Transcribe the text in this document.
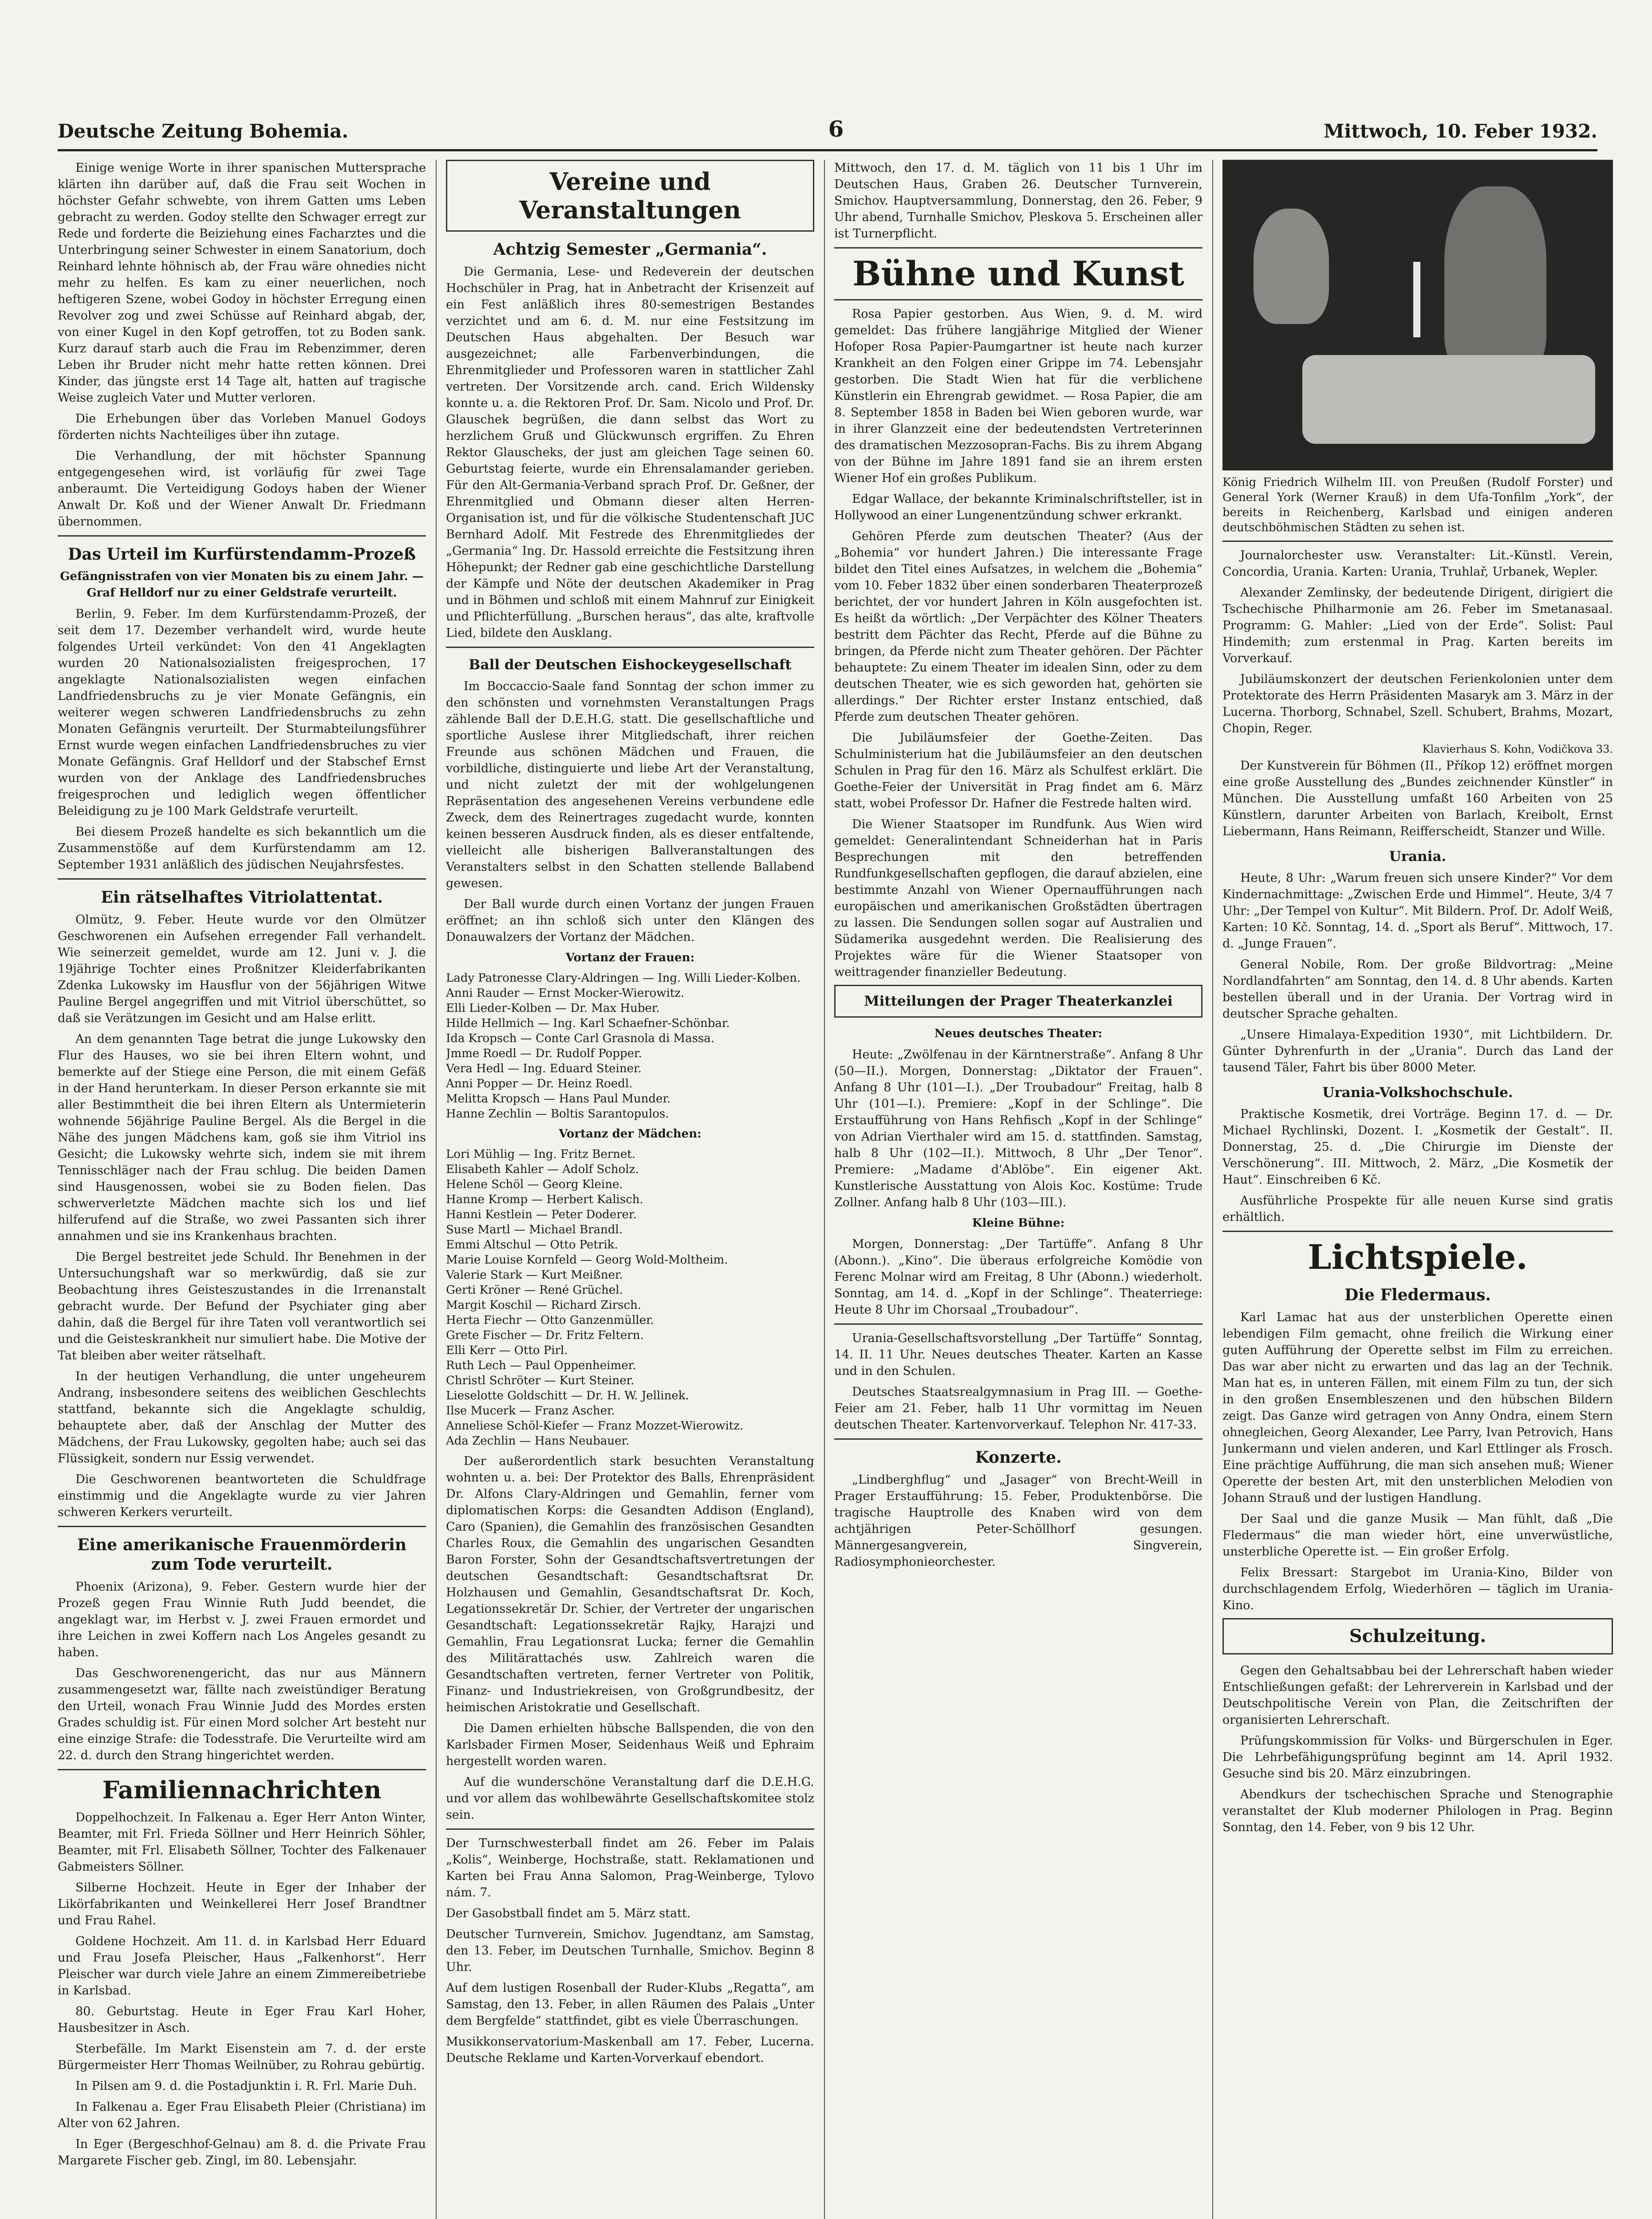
Deutsche Zeitung Bohemia.	6	Mittwoch, 10. Feber 1932.

Einige wenige Worte in ihrer spanischen Muttersprache klärten ihn darüber auf, daß die Frau seit Wochen in höchster Gefahr schwebte, von ihrem Gatten ums Leben gebracht zu werden. Godoy stellte den Schwager erregt zur Rede und forderte die Beiziehung eines Facharztes und die Unterbringung seiner Schwester in einem Sanatorium, doch Reinhard lehnte höhnisch ab, der Frau wäre ohnedies nicht mehr zu helfen. Es kam zu einer neuerlichen, noch heftigeren Szene, wobei Godoy in höchster Erregung einen Revolver zog und zwei Schüsse auf Reinhard abgab, der, von einer Kugel in den Kopf getroffen, tot zu Boden sank. Kurz darauf starb auch die Frau im Rebenzimmer, deren Leben ihr Bruder nicht mehr hatte retten können. Drei Kinder, das jüngste erst 14 Tage alt, hatten auf tragische Weise zugleich Vater und Mutter verloren.

Die Erhebungen über das Vorleben Manuel Godoys förderten nichts Nachteiliges über ihn zutage.

Die Verhandlung, der mit höchster Spannung entgegengesehen wird, ist vorläufig für zwei Tage anberaumt. Die Verteidigung Godoys haben der Wiener Anwalt Dr. Koß und der Wiener Anwalt Dr. Friedmann übernommen.

Das Urteil im Kurfürstendamm-Prozeß
Gefängnisstrafen von vier Monaten bis zu einem Jahr. — Graf Helldorf nur zu einer Geldstrafe verurteilt.

Berlin, 9. Feber. Im dem Kurfürstendamm-Prozeß, der seit dem 17. Dezember verhandelt wird, wurde heute folgendes Urteil verkündet: Von den 41 Angeklagten wurden 20 Nationalsozialisten freigesprochen, 17 angeklagte Nationalsozialisten wegen einfachen Landfriedensbruchs zu je vier Monate Gefängnis, ein weiterer wegen schweren Landfriedensbruchs zu zehn Monaten Gefängnis verurteilt. Der Sturmabteilungsführer Ernst wurde wegen einfachen Landfriedensbruches zu vier Monate Gefängnis. Graf Helldorf und der Stabschef Ernst wurden von der Anklage des Landfriedensbruches freigesprochen und lediglich wegen öffentlicher Beleidigung zu je 100 Mark Geldstrafe verurteilt.

Bei diesem Prozeß handelte es sich bekanntlich um die Zusammenstöße auf dem Kurfürstendamm am 12. September 1931 anläßlich des jüdischen Neujahrsfestes.

Ein rätselhaftes Vitriolattentat.

Olmütz, 9. Feber. Heute wurde vor den Olmützer Geschworenen ein Aufsehen erregender Fall verhandelt. Wie seinerzeit gemeldet, wurde am 12. Juni v. J. die 19jährige Tochter eines Proßnitzer Kleiderfabrikanten Zdenka Lukowsky im Hausflur von der 56jährigen Witwe Pauline Bergel angegriffen und mit Vitriol überschüttet, so daß sie Verätzungen im Gesicht und am Halse erlitt.

An dem genannten Tage betrat die junge Lukowsky den Flur des Hauses, wo sie bei ihren Eltern wohnt, und bemerkte auf der Stiege eine Person, die mit einem Gefäß in der Hand herunterkam. In dieser Person erkannte sie mit aller Bestimmtheit die bei ihren Eltern als Untermieterin wohnende 56jährige Pauline Bergel. Als die Bergel in die Nähe des jungen Mädchens kam, goß sie ihm Vitriol ins Gesicht; die Lukowsky wehrte sich, indem sie mit ihrem Tennisschläger nach der Frau schlug. Die beiden Damen sind Hausgenossen, wobei sie zu Boden fielen. Das schwerverletzte Mädchen machte sich los und lief hilferufend auf die Straße, wo zwei Passanten sich ihrer annahmen und sie ins Krankenhaus brachten.

Die Bergel bestreitet jede Schuld. Ihr Benehmen in der Untersuchungshaft war so merkwürdig, daß sie zur Beobachtung ihres Geisteszustandes in die Irrenanstalt gebracht wurde. Der Befund der Psychiater ging aber dahin, daß die Bergel für ihre Taten voll verantwortlich sei und die Geisteskrankheit nur simuliert habe. Die Motive der Tat bleiben aber weiter rätselhaft.

In der heutigen Verhandlung, die unter ungeheurem Andrang, insbesondere seitens des weiblichen Geschlechts stattfand, bekannte sich die Angeklagte schuldig, behauptete aber, daß der Anschlag der Mutter des Mädchens, der Frau Lukowsky, gegolten habe; auch sei das Flüssigkeit, sondern nur Essig verwendet.

Die Geschworenen beantworteten die Schuldfrage einstimmig und die Angeklagte wurde zu vier Jahren schweren Kerkers verurteilt.

Eine amerikanische Frauenmörderin zum Tode verurteilt.

Phoenix (Arizona), 9. Feber. Gestern wurde hier der Prozeß gegen Frau Winnie Ruth Judd beendet, die angeklagt war, im Herbst v. J. zwei Frauen ermordet und ihre Leichen in zwei Koffern nach Los Angeles gesandt zu haben.

Das Geschworenengericht, das nur aus Männern zusammengesetzt war, fällte nach zweistündiger Beratung den Urteil, wonach Frau Winnie Judd des Mordes ersten Grades schuldig ist. Für einen Mord solcher Art besteht nur eine einzige Strafe: die Todesstrafe. Die Verurteilte wird am 22. d. durch den Strang hingerichtet werden.

Familiennachrichten

Doppelhochzeit. In Falkenau a. Eger Herr Anton Winter, Beamter, mit Frl. Frieda Söllner und Herr Heinrich Söhler, Beamter, mit Frl. Elisabeth Söllner, Tochter des Falkenauer Gabmeisters Söllner.

Silberne Hochzeit. Heute in Eger der Inhaber der Likörfabrikanten und Weinkellerei Herr Josef Brandtner und Frau Rahel.

Goldene Hochzeit. Am 11. d. in Karlsbad Herr Eduard und Frau Josefa Pleischer, Haus „Falkenhorst“. Herr Pleischer war durch viele Jahre an einem Zimmereibetriebe in Karlsbad.

80. Geburtstag. Heute in Eger Frau Karl Hoher, Hausbesitzer in Asch.

Sterbefälle. Im Markt Eisenstein am 7. d. der erste Bürgermeister Herr Thomas Weilnüber, zu Rohrau gebürtig.

In Pilsen am 9. d. die Postadjunktin i. R. Frl. Marie Duh.

In Falkenau a. Eger Frau Elisabeth Pleier (Christiana) im Alter von 62 Jahren.

In Eger (Bergeschhof-Gelnau) am 8. d. die Private Frau Margarete Fischer geb. Zingl, im 80. Lebensjahr.

Vereine und Veranstaltungen
Achtzig Semester „Germania“.

Die Germania, Lese- und Redeverein der deutschen Hochschüler in Prag, hat in Anbetracht der Krisenzeit auf ein Fest anläßlich ihres 80-semestrigen Bestandes verzichtet und am 6. d. M. nur eine Festsitzung im Deutschen Haus abgehalten. Der Besuch war ausgezeichnet; alle Farbenverbindungen, die Ehrenmitglieder und Professoren waren in stattlicher Zahl vertreten. Der Vorsitzende arch. cand. Erich Wildensky konnte u. a. die Rektoren Prof. Dr. Sam. Nicolo und Prof. Dr. Glauschek begrüßen, die dann selbst das Wort zu herzlichem Gruß und Glückwunsch ergriffen. Zu Ehren Rektor Glauscheks, der just am gleichen Tage seinen 60. Geburtstag feierte, wurde ein Ehrensalamander gerieben. Für den Alt-Germania-Verband sprach Prof. Dr. Geßner, der Ehrenmitglied und Obmann dieser alten Herren-Organisation ist, und für die völkische Studentenschaft JUC Bernhard Adolf. Mit Festrede des Ehrenmitgliedes der „Germania“ Ing. Dr. Hassold erreichte die Festsitzung ihren Höhepunkt; der Redner gab eine geschichtliche Darstellung der Kämpfe und Nöte der deutschen Akademiker in Prag und in Böhmen und schloß mit einem Mahnruf zur Einigkeit und Pflichterfüllung. „Burschen heraus“, das alte, kraftvolle Lied, bildete den Ausklang.

Ball der Deutschen Eishockeygesellschaft

Im Boccaccio-Saale fand Sonntag der schon immer zu den schönsten und vornehmsten Veranstaltungen Prags zählende Ball der D.E.H.G. statt. Die gesellschaftliche und sportliche Auslese ihrer Mitgliedschaft, ihrer reichen Freunde aus schönen Mädchen und Frauen, die vorbildliche, distinguierte und liebe Art der Veranstaltung, und nicht zuletzt der mit der wohlgelungenen Repräsentation des angesehenen Vereins verbundene edle Zweck, dem des Reinertrages zugedacht wurde, konnten keinen besseren Ausdruck finden, als es dieser entfaltende, vielleicht alle bisherigen Ballveranstaltungen des Veranstalters selbst in den Schatten stellende Ballabend gewesen.

Der Ball wurde durch einen Vortanz der jungen Frauen eröffnet; an ihn schloß sich unter den Klängen des Donauwalzers der Vortanz der Mädchen.

Vortanz der Frauen:
Lady Patronesse Clary-Aldringen — Ing. Willi Lieder-Kolben.
Anni Rauder — Ernst Mocker-Wierowitz.
Elli Lieder-Kolben — Dr. Max Huber.
Hilde Hellmich — Ing. Karl Schaefner-Schönbar.
Ida Kropsch — Conte Carl Grasnola di Massa.
Jmme Roedl — Dr. Rudolf Popper.
Vera Hedl — Ing. Eduard Steiner.
Anni Popper — Dr. Heinz Roedl.
Melitta Kropsch — Hans Paul Munder.
Hanne Zechlin — Boltis Sarantopulos.
Vortanz der Mädchen:
Lori Mühlig — Ing. Fritz Bernet.
Elisabeth Kahler — Adolf Scholz.
Helene Schöl — Georg Kleine.
Hanne Kromp — Herbert Kalisch.
Hanni Kestlein — Peter Doderer.
Suse Martl — Michael Brandl.
Emmi Altschul — Otto Petrik.
Marie Louise Kornfeld — Georg Wold-Moltheim.
Valerie Stark — Kurt Meißner.
Gerti Kröner — René Grüchel.
Margit Koschil — Richard Zirsch.
Herta Fiechr — Otto Ganzenmüller.
Grete Fischer — Dr. Fritz Feltern.
Elli Kerr — Otto Pirl.
Ruth Lech — Paul Oppenheimer.
Christl Schröter — Kurt Steiner.
Lieselotte Goldschitt — Dr. H. W. Jellinek.
Ilse Mucerk — Franz Ascher.
Anneliese Schöl-Kiefer — Franz Mozzet-Wierowitz.
Ada Zechlin — Hans Neubauer.

Der außerordentlich stark besuchten Veranstaltung wohnten u. a. bei: Der Protektor des Balls, Ehrenpräsident Dr. Alfons Clary-Aldringen und Gemahlin, ferner vom diplomatischen Korps: die Gesandten Addison (England), Caro (Spanien), die Gemahlin des französischen Gesandten Charles Roux, die Gemahlin des ungarischen Gesandten Baron Forster, Sohn der Gesandtschaftsvertretungen der deutschen Gesandtschaft: Gesandtschaftsrat Dr. Holzhausen und Gemahlin, Gesandtschaftsrat Dr. Koch, Legationssekretär Dr. Schier, der Vertreter der ungarischen Gesandtschaft: Legationssekretär Rajky, Harajzi und Gemahlin, Frau Legationsrat Lucka; ferner die Gemahlin des Militärattachés usw. Zahlreich waren die Gesandtschaften vertreten, ferner Vertreter von Politik, Finanz- und Industriekreisen, von Großgrundbesitz, der heimischen Aristokratie und Gesellschaft.

Die Damen erhielten hübsche Ballspenden, die von den Karlsbader Firmen Moser, Seidenhaus Weiß und Ephraim hergestellt worden waren.

Auf die wunderschöne Veranstaltung darf die D.E.H.G. und vor allem das wohlbewährte Gesellschaftskomitee stolz sein.

Der Turnschwesterball findet am 26. Feber im Palais „Kolis“, Weinberge, Hochstraße, statt. Reklamationen und Karten bei Frau Anna Salomon, Prag-Weinberge, Tylovo nám. 7.

Der Gasobstball findet am 5. März statt.

Deutscher Turnverein, Smichov. Jugendtanz, am Samstag, den 13. Feber, im Deutschen Turnhalle, Smichov. Beginn 8 Uhr.

Auf dem lustigen Rosenball der Ruder-Klubs „Regatta“, am Samstag, den 13. Feber, in allen Räumen des Palais „Unter dem Bergfelde“ stattfindet, gibt es viele Überraschungen.

Musikkonservatorium-Maskenball am 17. Feber, Lucerna. Deutsche Reklame und Karten-Vorverkauf ebendort.

Mittwoch, den 17. d. M. täglich von 11 bis 1 Uhr im Deutschen Haus, Graben 26. Deutscher Turnverein, Smichov. Hauptversammlung, Donnerstag, den 26. Feber, 9 Uhr abend, Turnhalle Smichov, Pleskova 5. Erscheinen aller ist Turnerpflicht.

Bühne und Kunst

Rosa Papier gestorben. Aus Wien, 9. d. M. wird gemeldet: Das frühere langjährige Mitglied der Wiener Hofoper Rosa Papier-Paumgartner ist heute nach kurzer Krankheit an den Folgen einer Grippe im 74. Lebensjahr gestorben. Die Stadt Wien hat für die verblichene Künstlerin ein Ehrengrab gewidmet. — Rosa Papier, die am 8. September 1858 in Baden bei Wien geboren wurde, war in ihrer Glanzzeit eine der bedeutendsten Vertreterinnen des dramatischen Mezzosopran-Fachs. Bis zu ihrem Abgang von der Bühne im Jahre 1891 fand sie an ihrem ersten Wiener Hof ein großes Publikum.

Edgar Wallace, der bekannte Kriminalschriftsteller, ist in Hollywood an einer Lungenentzündung schwer erkrankt.

Gehören Pferde zum deutschen Theater? (Aus der „Bohemia“ vor hundert Jahren.) Die interessante Frage bildet den Titel eines Aufsatzes, in welchem die „Bohemia“ vom 10. Feber 1832 über einen sonderbaren Theaterprozeß berichtet, der vor hundert Jahren in Köln ausgefochten ist. Es heißt da wörtlich: „Der Verpächter des Kölner Theaters bestritt dem Pächter das Recht, Pferde auf die Bühne zu bringen, da Pferde nicht zum Theater gehören. Der Pächter behauptete: Zu einem Theater im idealen Sinn, oder zu dem deutschen Theater, wie es sich geworden hat, gehörten sie allerdings.“ Der Richter erster Instanz entschied, daß Pferde zum deutschen Theater gehören.

Die Jubiläumsfeier der Goethe-Zeiten. Das Schulministerium hat die Jubiläumsfeier an den deutschen Schulen in Prag für den 16. März als Schulfest erklärt. Die Goethe-Feier der Universität in Prag findet am 6. März statt, wobei Professor Dr. Hafner die Festrede halten wird.

Die Wiener Staatsoper im Rundfunk. Aus Wien wird gemeldet: Generalintendant Schneiderhan hat in Paris Besprechungen mit den betreffenden Rundfunkgesellschaften gepflogen, die darauf abzielen, eine bestimmte Anzahl von Wiener Opernaufführungen nach europäischen und amerikanischen Großstädten übertragen zu lassen. Die Sendungen sollen sogar auf Australien und Südamerika ausgedehnt werden. Die Realisierung des Projektes wäre für die Wiener Staatsoper von weittragender finanzieller Bedeutung.

Mitteilungen der Prager Theaterkanzlei
Neues deutsches Theater:

Heute: „Zwölfenau in der Kärntnerstraße“. Anfang 8 Uhr (50—II.). Morgen, Donnerstag: „Diktator der Frauen“. Anfang 8 Uhr (101—I.). „Der Troubadour“ Freitag, halb 8 Uhr (101—I.). Premiere: „Kopf in der Schlinge“. Die Erstaufführung von Hans Rehfisch „Kopf in der Schlinge“ von Adrian Vierthaler wird am 15. d. stattfinden. Samstag, halb 8 Uhr (102—II.). Mittwoch, 8 Uhr „Der Tenor“. Premiere: „Madame d'Ablöbe“. Ein eigener Akt. Kunstlerische Ausstattung von Alois Koc. Kostüme: Trude Zollner. Anfang halb 8 Uhr (103—III.).

Kleine Bühne:

Morgen, Donnerstag: „Der Tartüffe“. Anfang 8 Uhr (Abonn.). „Kino“. Die überaus erfolgreiche Komödie von Ferenc Molnar wird am Freitag, 8 Uhr (Abonn.) wiederholt. Sonntag, am 14. d. „Kopf in der Schlinge“. Theaterriege: Heute 8 Uhr im Chorsaal „Troubadour“.

Urania-Gesellschaftsvorstellung „Der Tartüffe“ Sonntag, 14. II. 11 Uhr. Neues deutsches Theater. Karten an Kasse und in den Schulen.

Deutsches Staatsrealgymnasium in Prag III. — Goethe-Feier am 21. Feber, halb 11 Uhr vormittag im Neuen deutschen Theater. Kartenvorverkauf. Telephon Nr. 417-33.

Konzerte.

„Lindberghflug“ und „Jasager“ von Brecht-Weill in Prager Erstaufführung: 15. Feber, Produktenbörse. Die tragische Hauptrolle des Knaben wird von dem achtjährigen Peter-Schöllhorf gesungen. Männergesangverein, Singverein, Radiosymphonieorchester.

König Friedrich Wilhelm III. von Preußen (Rudolf Forster) und General York (Werner Krauß) in dem Ufa-Tonfilm „York“, der bereits in Reichenberg, Karlsbad und einigen anderen deutschböhmischen Städten zu sehen ist.

Journalorchester usw. Veranstalter: Lit.-Künstl. Verein, Concordia, Urania. Karten: Urania, Truhlař, Urbanek, Wepler.

Alexander Zemlinsky, der bedeutende Dirigent, dirigiert die Tschechische Philharmonie am 26. Feber im Smetanasaal. Programm: G. Mahler: „Lied von der Erde“. Solist: Paul Hindemith; zum erstenmal in Prag. Karten bereits im Vorverkauf.

Jubiläumskonzert der deutschen Ferienkolonien unter dem Protektorate des Herrn Präsidenten Masaryk am 3. März in der Lucerna. Thorborg, Schnabel, Szell. Schubert, Brahms, Mozart, Chopin, Reger.

Klavierhaus S. Kohn, Vodičkova 33.

Der Kunstverein für Böhmen (II., Příkop 12) eröffnet morgen eine große Ausstellung des „Bundes zeichnender Künstler“ in München. Die Ausstellung umfaßt 160 Arbeiten von 25 Künstlern, darunter Arbeiten von Barlach, Kreibolt, Ernst Liebermann, Hans Reimann, Reifferscheidt, Stanzer und Wille.

Urania.

Heute, 8 Uhr: „Warum freuen sich unsere Kinder?“ Vor dem Kindernachmittage: „Zwischen Erde und Himmel“. Heute, 3/4 7 Uhr: „Der Tempel von Kultur“. Mit Bildern. Prof. Dr. Adolf Weiß, Karten: 10 Kč. Sonntag, 14. d. „Sport als Beruf“. Mittwoch, 17. d. „Junge Frauen“.

General Nobile, Rom. Der große Bildvortrag: „Meine Nordlandfahrten“ am Sonntag, den 14. d. 8 Uhr abends. Karten bestellen überall und in der Urania. Der Vortrag wird in deutscher Sprache gehalten.

„Unsere Himalaya-Expedition 1930“, mit Lichtbildern. Dr. Günter Dyhrenfurth in der „Urania“. Durch das Land der tausend Täler, Fahrt bis über 8000 Meter.

Urania-Volkshochschule.

Praktische Kosmetik, drei Vorträge. Beginn 17. d. — Dr. Michael Rychlinski, Dozent. I. „Kosmetik der Gestalt“. II. Donnerstag, 25. d. „Die Chirurgie im Dienste der Verschönerung“. III. Mittwoch, 2. März, „Die Kosmetik der Haut“. Einschreiben 6 Kč.

Ausführliche Prospekte für alle neuen Kurse sind gratis erhältlich.

Lichtspiele.
Die Fledermaus.

Karl Lamac hat aus der unsterblichen Operette einen lebendigen Film gemacht, ohne freilich die Wirkung einer guten Aufführung der Operette selbst im Film zu erreichen. Das war aber nicht zu erwarten und das lag an der Technik. Man hat es, in unteren Fällen, mit einem Film zu tun, der sich in den großen Ensembleszenen und den hübschen Bildern zeigt. Das Ganze wird getragen von Anny Ondra, einem Stern ohnegleichen, Georg Alexander, Lee Parry, Ivan Petrovich, Hans Junkermann und vielen anderen, und Karl Ettlinger als Frosch. Eine prächtige Aufführung, die man sich ansehen muß; Wiener Operette der besten Art, mit den unsterblichen Melodien von Johann Strauß und der lustigen Handlung.

Der Saal und die ganze Musik — Man fühlt, daß „Die Fledermaus“ die man wieder hört, eine unverwüstliche, unsterbliche Operette ist. — Ein großer Erfolg.

Felix Bressart: Stargebot im Urania-Kino, Bilder von durchschlagendem Erfolg, Wiederhören — täglich im Urania-Kino.

Schulzeitung.

Gegen den Gehaltsabbau bei der Lehrerschaft haben wieder Entschließungen gefaßt: der Lehrerverein in Karlsbad und der Deutschpolitische Verein von Plan, die Zeitschriften der organisierten Lehrerschaft.

Prüfungskommission für Volks- und Bürgerschulen in Eger. Die Lehrbefähigungsprüfung beginnt am 14. April 1932. Gesuche sind bis 20. März einzubringen.

Abendkurs der tschechischen Sprache und Stenographie veranstaltet der Klub moderner Philologen in Prag. Beginn Sonntag, den 14. Feber, von 9 bis 12 Uhr.
